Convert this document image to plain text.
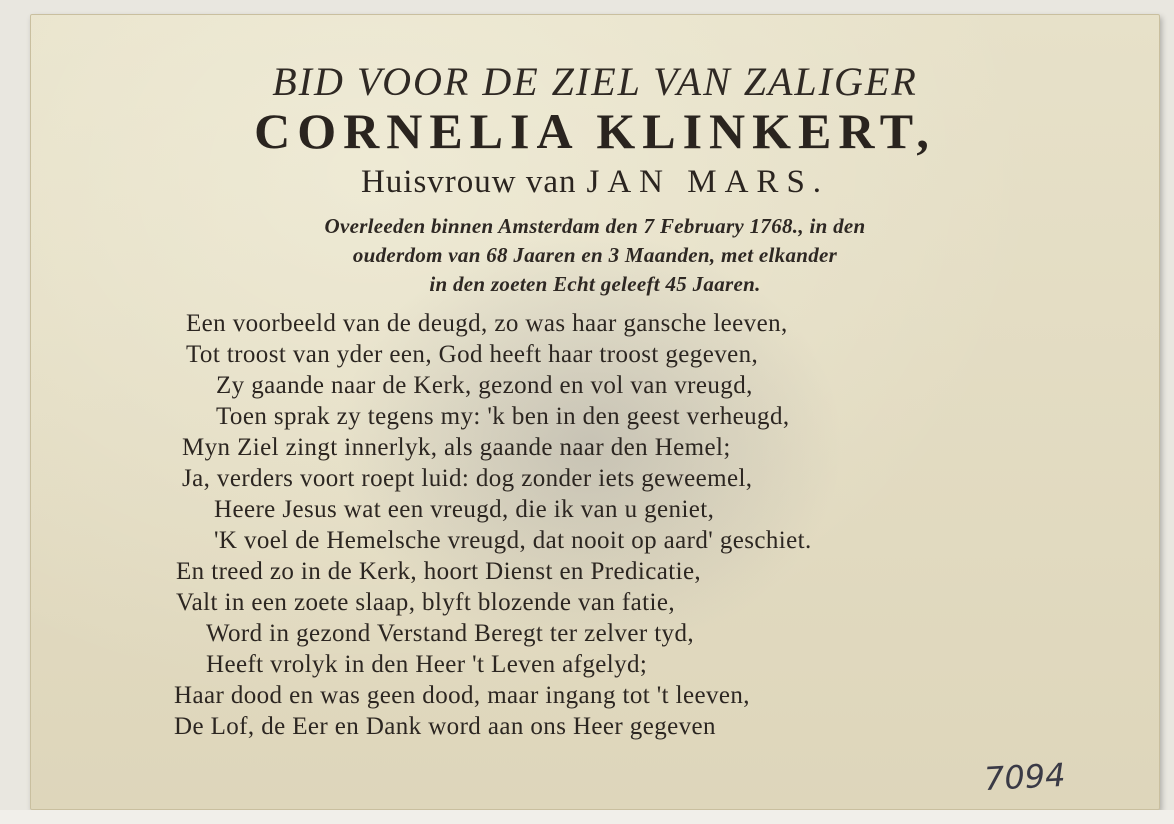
BID VOOR DE ZIEL VAN ZALIGER
CORNELIA KLINKERT,
Huisvrouw van JAN MARS.
Overleeden binnen Amsterdam den 7 February 1768., in den
ouderdom van 68 Jaaren en 3 Maanden, met elkander
in den zoeten Echt geleeft 45 Jaaren.
Een voorbeeld van de deugd, zo was haar gansche leeven,
Tot troost van yder een, God heeft haar troost gegeven,
Zy gaande naar de Kerk, gezond en vol van vreugd,
Toen sprak zy tegens my: 'k ben in den geest verheugd,
Myn Ziel zingt innerlyk, als gaande naar den Hemel;
Ja, verders voort roept luid: dog zonder iets geweemel,
Heere Jesus wat een vreugd, die ik van u geniet,
'K voel de Hemelsche vreugd, dat nooit op aard' geschiet.
En treed zo in de Kerk, hoort Dienst en Predicatie,
Valt in een zoete slaap, blyft blozende van fatie,
Word in gezond Verstand Beregt ter zelver tyd,
Heeft vrolyk in den Heer 't Leven afgelyd;
Haar dood en was geen dood, maar ingang tot 't leeven,
De Lof, de Eer en Dank word aan ons Heer gegeven
7094
